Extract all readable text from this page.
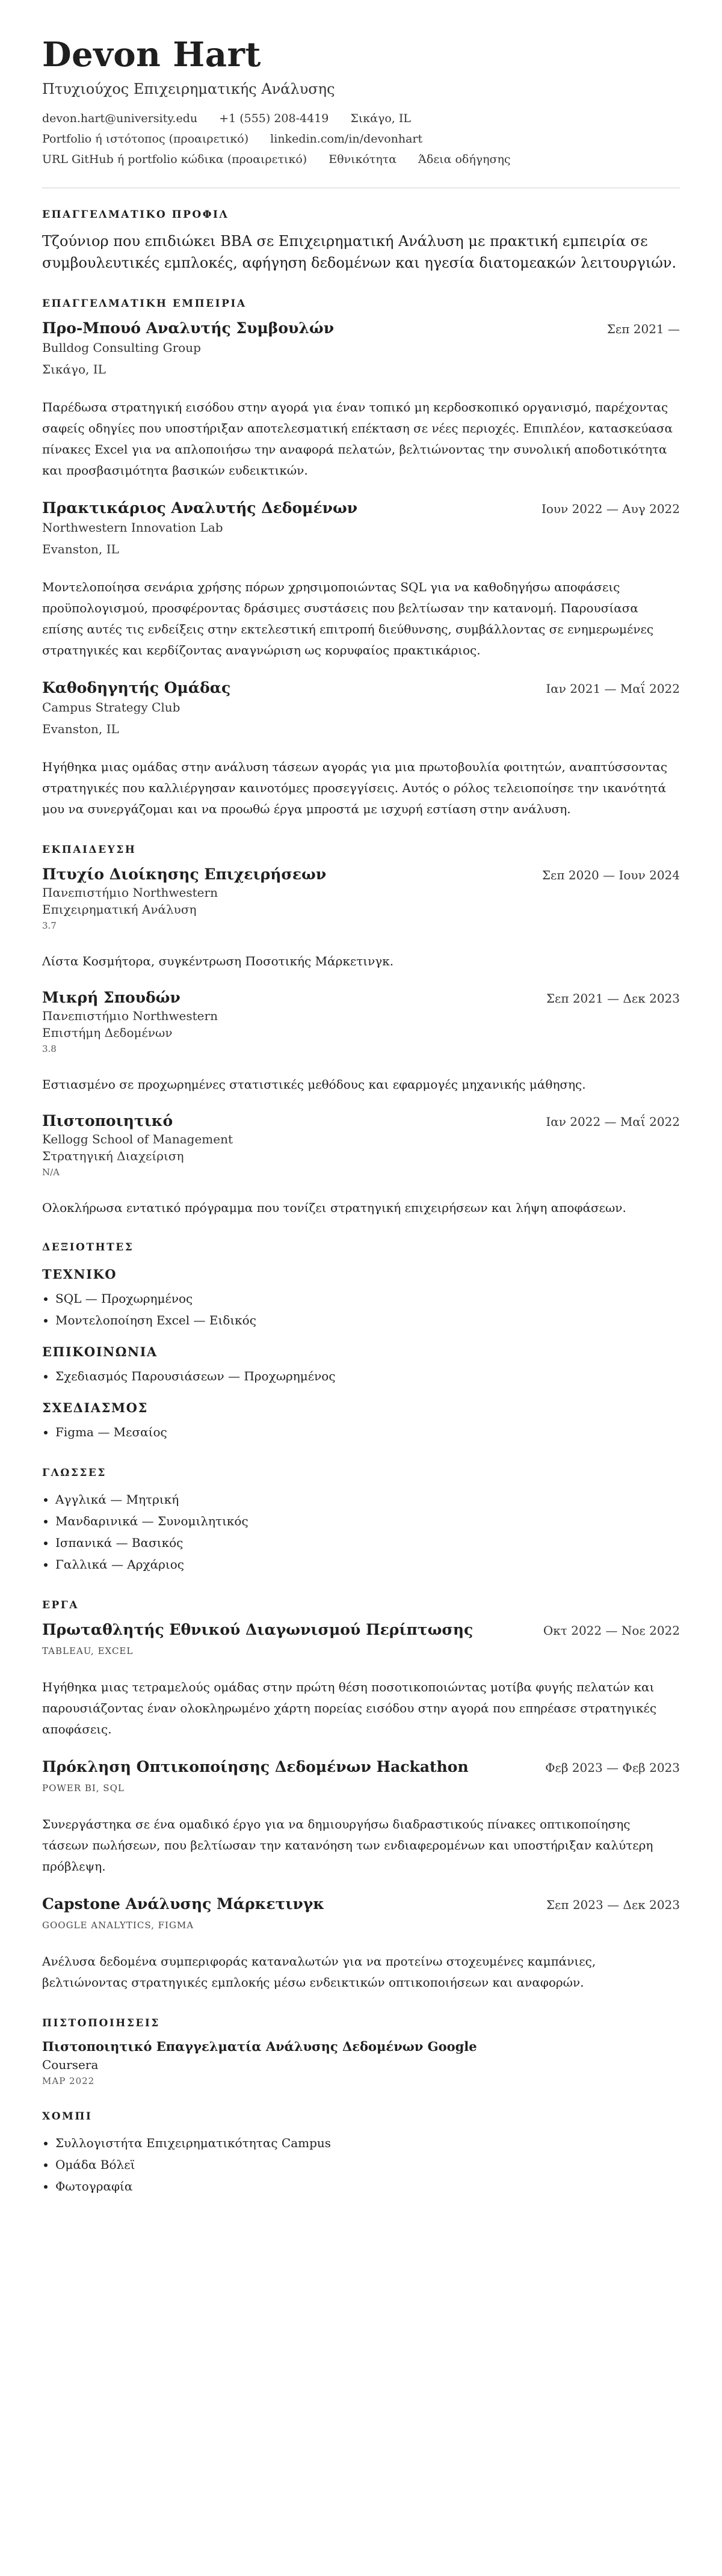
Devon Hart
Πτυχιούχος Επιχειρηματικής Ανάλυσης
devon.hart@university.edu +1 (555) 208-4419 Σικάγο, IL
Portfolio ή ιστότοπος (προαιρετικό) linkedin.com/in/devonhart
URL GitHub ή portfolio κώδικα (προαιρετικό) Εθνικότητα Άδεια οδήγησης
ΕΠΑΓΓΕΛΜΑΤΙΚΟ ΠΡΟΦΙΛ
Τζούνιορ που επιδιώκει BBA σε Επιχειρηματική Ανάλυση με πρακτική εμπειρία σε συμβουλευτικές εμπλοκές, αφήγηση δεδομένων και ηγεσία διατομεακών λειτουργιών.
ΕΠΑΓΓΕΛΜΑΤΙΚΗ ΕΜΠΕΙΡΙΑ
Προ-Μπουό Αναλυτής Συμβουλών	Σεπ 2021 —
Bulldog Consulting Group
Σικάγο, IL
Παρέδωσα στρατηγική εισόδου στην αγορά για έναν τοπικό μη κερδοσκοπικό οργανισμό, παρέχοντας σαφείς οδηγίες που υποστήριξαν αποτελεσματική επέκταση σε νέες περιοχές. Επιπλέον, κατασκεύασα πίνακες Excel για να απλοποιήσω την αναφορά πελατών, βελτιώνοντας την συνολική αποδοτικότητα και προσβασιμότητα βασικών ευδεικτικών.
Πρακτικάριος Αναλυτής Δεδομένων	Ιουν 2022 — Αυγ 2022
Northwestern Innovation Lab
Evanston, IL
Μοντελοποίησα σενάρια χρήσης πόρων χρησιμοποιώντας SQL για να καθοδηγήσω αποφάσεις προϋπολογισμού, προσφέροντας δράσιμες συστάσεις που βελτίωσαν την κατανομή. Παρουσίασα επίσης αυτές τις ενδείξεις στην εκτελεστική επιτροπή διεύθυνσης, συμβάλλοντας σε ενημερωμένες στρατηγικές και κερδίζοντας αναγνώριση ως κορυφαίος πρακτικάριος.
Καθοδηγητής Ομάδας	Ιαν 2021 — Μαΐ 2022
Campus Strategy Club
Evanston, IL
Ηγήθηκα μιας ομάδας στην ανάλυση τάσεων αγοράς για μια πρωτοβουλία φοιτητών, αναπτύσσοντας στρατηγικές που καλλιέργησαν καινοτόμες προσεγγίσεις. Αυτός ο ρόλος τελειοποίησε την ικανότητά μου να συνεργάζομαι και να προωθώ έργα μπροστά με ισχυρή εστίαση στην ανάλυση.
ΕΚΠΑΙΔΕΥΣΗ
Πτυχίο Διοίκησης Επιχειρήσεων	Σεπ 2020 — Ιουν 2024
Πανεπιστήμιο Northwestern
Επιχειρηματική Ανάλυση
3.7
Λίστα Κοσμήτορα, συγκέντρωση Ποσοτικής Μάρκετινγκ.
Μικρή Σπουδών	Σεπ 2021 — Δεκ 2023
Πανεπιστήμιο Northwestern
Επιστήμη Δεδομένων
3.8
Εστιασμένο σε προχωρημένες στατιστικές μεθόδους και εφαρμογές μηχανικής μάθησης.
Πιστοποιητικό	Ιαν 2022 — Μαΐ 2022
Kellogg School of Management
Στρατηγική Διαχείριση
N/A
Ολοκλήρωσα εντατικό πρόγραμμα που τονίζει στρατηγική επιχειρήσεων και λήψη αποφάσεων.
ΔΕΞΙΟΤΗΤΕΣ
ΤΕΧΝΙΚΟ
• SQL — Προχωρημένος
• Μοντελοποίηση Excel — Ειδικός
ΕΠΙΚΟΙΝΩΝΙΑ
• Σχεδιασμός Παρουσιάσεων — Προχωρημένος
ΣΧΕΔΙΑΣΜΟΣ
• Figma — Μεσαίος
ΓΛΩΣΣΕΣ
• Αγγλικά — Μητρική
• Μανδαρινικά — Συνομιλητικός
• Ισπανικά — Βασικός
• Γαλλικά — Αρχάριος
ΕΡΓΑ
Πρωταθλητής Εθνικού Διαγωνισμού Περίπτωσης	Οκτ 2022 — Νοε 2022
TABLEAU, EXCEL
Ηγήθηκα μιας τετραμελούς ομάδας στην πρώτη θέση ποσοτικοποιώντας μοτίβα φυγής πελατών και παρουσιάζοντας έναν ολοκληρωμένο χάρτη πορείας εισόδου στην αγορά που επηρέασε στρατηγικές αποφάσεις.
Πρόκληση Οπτικοποίησης Δεδομένων Hackathon	Φεβ 2023 — Φεβ 2023
POWER BI, SQL
Συνεργάστηκα σε ένα ομαδικό έργο για να δημιουργήσω διαδραστικούς πίνακες οπτικοποίησης τάσεων πωλήσεων, που βελτίωσαν την κατανόηση των ενδιαφερομένων και υποστήριξαν καλύτερη πρόβλεψη.
Capstone Ανάλυσης Μάρκετινγκ	Σεπ 2023 — Δεκ 2023
GOOGLE ANALYTICS, FIGMA
Ανέλυσα δεδομένα συμπεριφοράς καταναλωτών για να προτείνω στοχευμένες καμπάνιες, βελτιώνοντας στρατηγικές εμπλοκής μέσω ενδεικτικών οπτικοποιήσεων και αναφορών.
ΠΙΣΤΟΠΟΙΗΣΕΙΣ
Πιστοποιητικό Επαγγελματία Ανάλυσης Δεδομένων Google
Coursera
ΜΑΡ 2022
ΧΟΜΠΙ
• Συλλογιστήτα Επιχειρηματικότητας Campus
• Ομάδα Βόλεϊ
• Φωτογραφία
